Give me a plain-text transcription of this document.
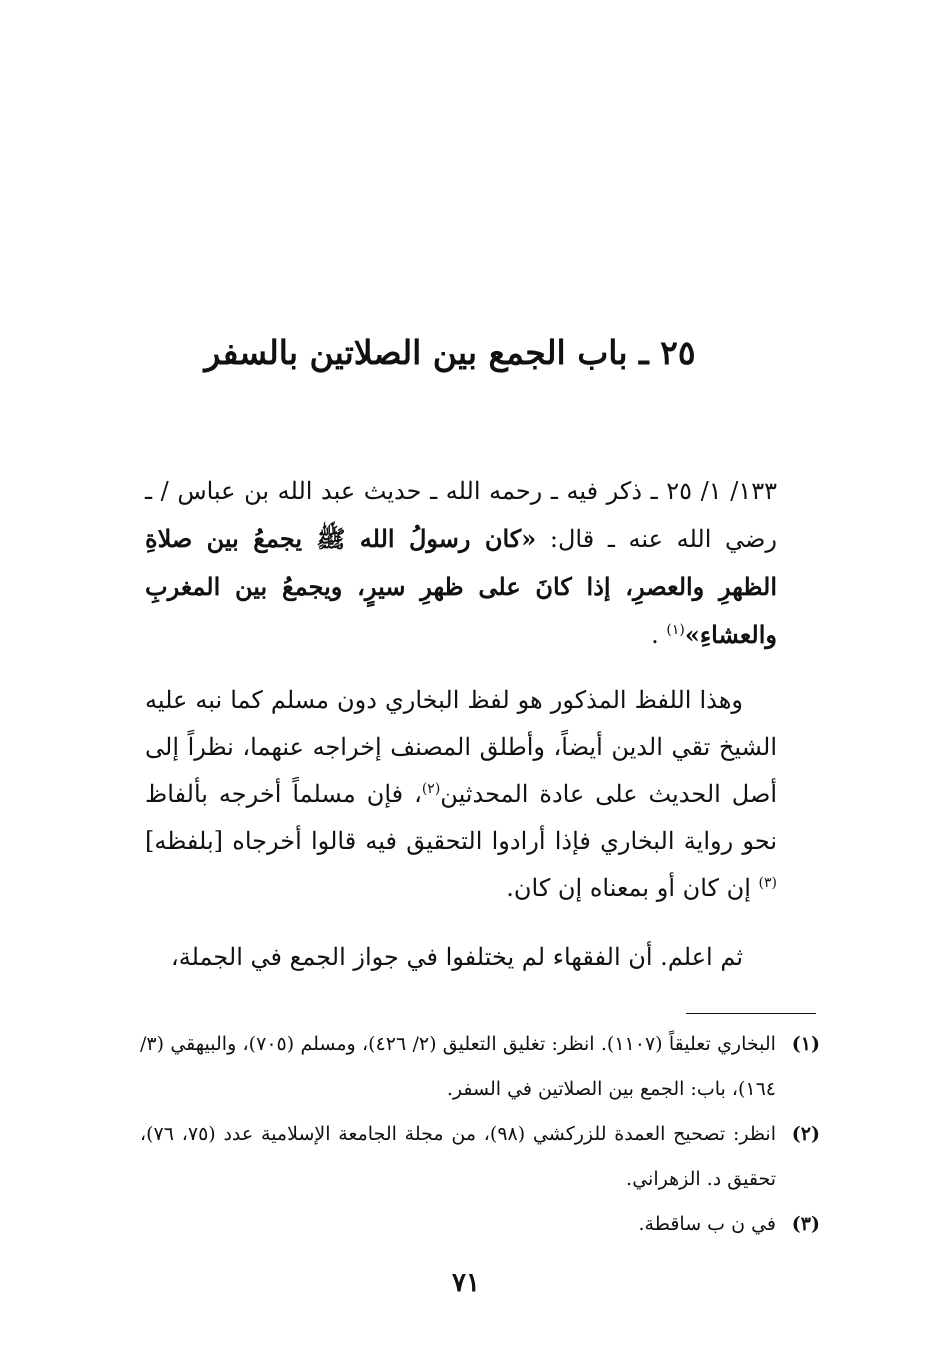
٢٥ ـ باب الجمع بين الصلاتين بالسفر
١٣٣/ ١/ ٢٥ ـ ذكر فيه ـ رحمه الله ـ حديث عبد الله بن عباس / ـ رضي الله عنه ـ قال: «كان رسولُ الله ﷺ يجمعُ بين صلاةِ الظهرِ والعصرِ، إذا كانَ على ظهرِ سيرٍ، ويجمعُ بين المغربِ والعشاءِ»$^{(١)}$ .
وهذا اللفظ المذكور هو لفظ البخاري دون مسلم كما نبه عليه الشيخ تقي الدين أيضاً، وأطلق المصنف إخراجه عنهما، نظراً إلى أصل الحديث على عادة المحدثين$^{(٢)}$، فإن مسلماً أخرجه بألفاظ نحو رواية البخاري فإذا أرادوا التحقيق فيه قالوا أخرجاه [بلفظه]$^{(٣)}$ إن كان أو بمعناه إن كان.
ثم اعلم. أن الفقهاء لم يختلفوا في جواز الجمع في الجملة،
(١)
البخاري تعليقاً (١١٠٧). انظر: تغليق التعليق (٢/ ٤٢٦)، ومسلم (٧٠٥)، والبيهقي (٣/ ١٦٤)، باب: الجمع بين الصلاتين في السفر.
(٢)
انظر: تصحيح العمدة للزركشي (٩٨)، من مجلة الجامعة الإسلامية عدد (٧٥، ٧٦)، تحقيق د. الزهراني.
(٣)
في ن ب ساقطة.
٧١
